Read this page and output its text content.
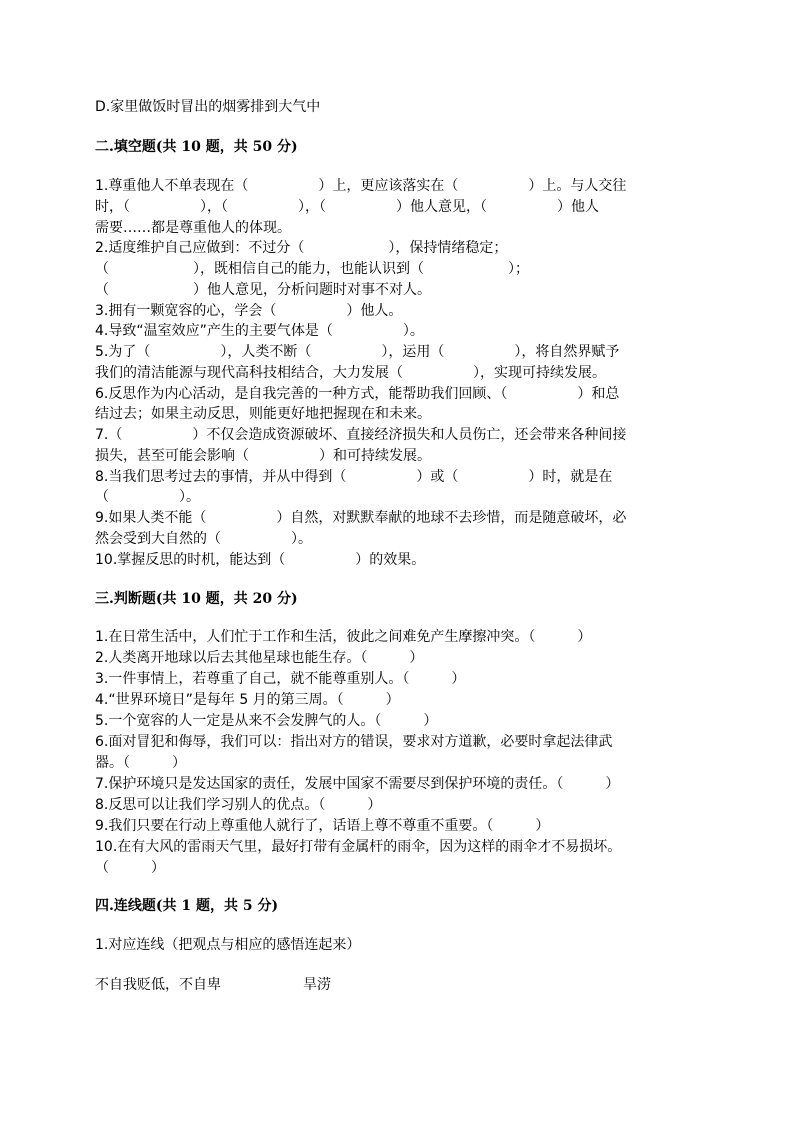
D.家里做饭时冒出的烟雾排到大气中
二.填空题(共 10 题，共 50 分)
1.尊重他人不单表现在（　　　　　）上，更应该落实在（　　　　　）上。与人交往
时，（　　　　　），（　　　　　），（　　　　　）他人意见，（　　　　　）他人
需要……都是尊重他人的体现。
2.适度维护自己应做到：不过分（　　　　　　），保持情绪稳定；
（　　　　　　），既相信自己的能力，也能认识到（　　　　　　）；
（　　　　　　）他人意见，分析问题时对事不对人。
3.拥有一颗宽容的心，学会（　　　　　）他人。
4.导致“温室效应”产生的主要气体是（　　　　　）。
5.为了（　　　　　），人类不断（　　　　　），运用（　　　　　），将自然界赋予
我们的清洁能源与现代高科技相结合，大力发展（　　　　　），实现可持续发展。
6.反思作为内心活动，是自我完善的一种方式，能帮助我们回顾、（　　　　　）和总
结过去；如果主动反思，则能更好地把握现在和未来。
7.（　　　　　）不仅会造成资源破坏、直接经济损失和人员伤亡，还会带来各种间接
损失，甚至可能会影响（　　　　　）和可持续发展。
8.当我们思考过去的事情，并从中得到（　　　　　）或（　　　　　）时，就是在
（　　　　　）。
9.如果人类不能（　　　　　）自然，对默默奉献的地球不去珍惜，而是随意破坏，必
然会受到大自然的（　　　　　）。
10.掌握反思的时机，能达到（　　　　　）的效果。
三.判断题(共 10 题，共 20 分)
1.在日常生活中，人们忙于工作和生活，彼此之间难免产生摩擦冲突。（　　　）
2.人类离开地球以后去其他星球也能生存。（　　　）
3.一件事情上，若尊重了自己，就不能尊重别人。（　　　）
4.“世界环境日”是每年 5 月的第三周。（　　　）
5.一个宽容的人一定是从来不会发脾气的人。（　　　）
6.面对冒犯和侮辱，我们可以：指出对方的错误，要求对方道歉，必要时拿起法律武
器。（　　　）
7.保护环境只是发达国家的责任，发展中国家不需要尽到保护环境的责任。（　　　）
8.反思可以让我们学习别人的优点。（　　　）
9.我们只要在行动上尊重他人就行了，话语上尊不尊重不重要。（　　　）
10.在有大风的雷雨天气里，最好打带有金属杆的雨伞，因为这样的雨伞才不易损坏。
（　　　）
四.连线题(共 1 题，共 5 分)
1.对应连线（把观点与相应的感悟连起来）
不自我贬低，不自卑	旱涝
